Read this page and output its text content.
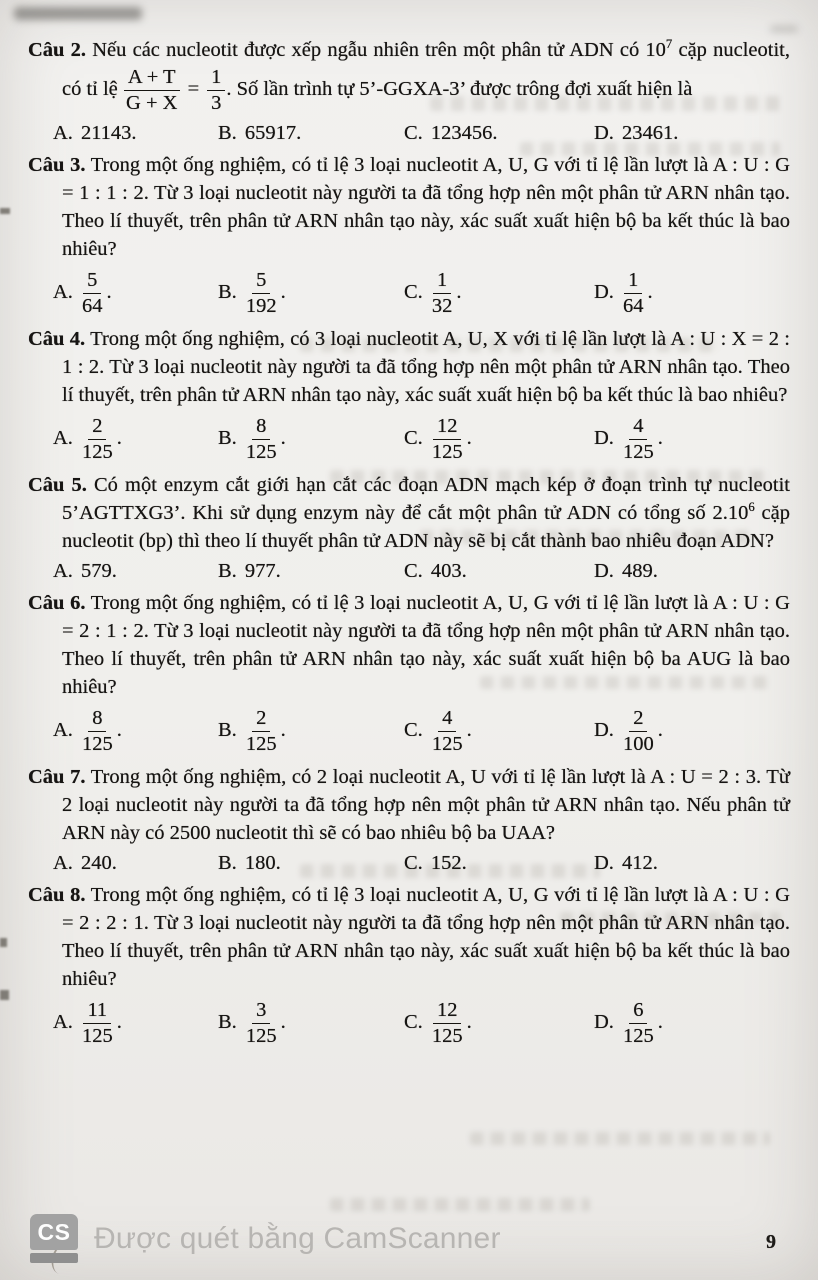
Câu 2. Nếu các nucleotit được xếp ngẫu nhiên trên một phân tử ADN có $10^7$ cặp nucleotit, có tỉ lệ $\frac{A + T}{G + X} = \frac{1}{3}$ . Số lần trình tự 5’-GGXA-3’ được trông đợi xuất hiện là

A. 21143.	B. 65917.	C. 123456.	D. 23461.

Câu 3. Trong một ống nghiệm, có tỉ lệ 3 loại nucleotit A, U, G với tỉ lệ lần lượt là A : U : G = 1 : 1 : 2. Từ 3 loại nucleotit này người ta đã tổng hợp nên một phân tử ARN nhân tạo. Theo lí thuyết, trên phân tử ARN nhân tạo này, xác suất xuất hiện bộ ba kết thúc là bao nhiêu?

A. $\frac{5}{64}$ .	B. $\frac{5}{192}$ .	C. $\frac{1}{32}$ .	D. $\frac{1}{64}$ .

Câu 4. Trong một ống nghiệm, có 3 loại nucleotit A, U, X với tỉ lệ lần lượt là A : U : X = 2 : 1 : 2. Từ 3 loại nucleotit này người ta đã tổng hợp nên một phân tử ARN nhân tạo. Theo lí thuyết, trên phân tử ARN nhân tạo này, xác suất xuất hiện bộ ba kết thúc là bao nhiêu?

A. $\frac{2}{125}$ .	B. $\frac{8}{125}$ .	C. $\frac{12}{125}$ .	D. $\frac{4}{125}$ .

Câu 5. Có một enzym cắt giới hạn cắt các đoạn ADN mạch kép ở đoạn trình tự nucleotit 5’AGTTXG3’. Khi sử dụng enzym này để cắt một phân tử ADN có tổng số 2.10$^6$ cặp nucleotit (bp) thì theo lí thuyết phân tử ADN này sẽ bị cắt thành bao nhiêu đoạn ADN?

A. 579.	B. 977.	C. 403.	D. 489.

Câu 6. Trong một ống nghiệm, có tỉ lệ 3 loại nucleotit A, U, G với tỉ lệ lần lượt là A : U : G = 2 : 1 : 2. Từ 3 loại nucleotit này người ta đã tổng hợp nên một phân tử ARN nhân tạo. Theo lí thuyết, trên phân tử ARN nhân tạo này, xác suất xuất hiện bộ ba AUG là bao nhiêu?

A. $\frac{8}{125}$ .	B. $\frac{2}{125}$ .	C. $\frac{4}{125}$ .	D. $\frac{2}{100}$ .

Câu 7. Trong một ống nghiệm, có 2 loại nucleotit A, U với tỉ lệ lần lượt là A : U = 2 : 3. Từ 2 loại nucleotit này người ta đã tổng hợp nên một phân tử ARN nhân tạo. Nếu phân tử ARN này có 2500 nucleotit thì sẽ có bao nhiêu bộ ba UAA?

A. 240.	B. 180.	C. 152.	D. 412.

Câu 8. Trong một ống nghiệm, có tỉ lệ 3 loại nucleotit A, U, G với tỉ lệ lần lượt là A : U : G = 2 : 2 : 1. Từ 3 loại nucleotit này người ta đã tổng hợp nên một phân tử ARN nhân tạo. Theo lí thuyết, trên phân tử ARN nhân tạo này, xác suất xuất hiện bộ ba kết thúc là bao nhiêu?

A. $\frac{11}{125}$ .	B. $\frac{3}{125}$ .	C. $\frac{12}{125}$ .	D. $\frac{6}{125}$ .
CS Được quét bằng CamScanner	9
